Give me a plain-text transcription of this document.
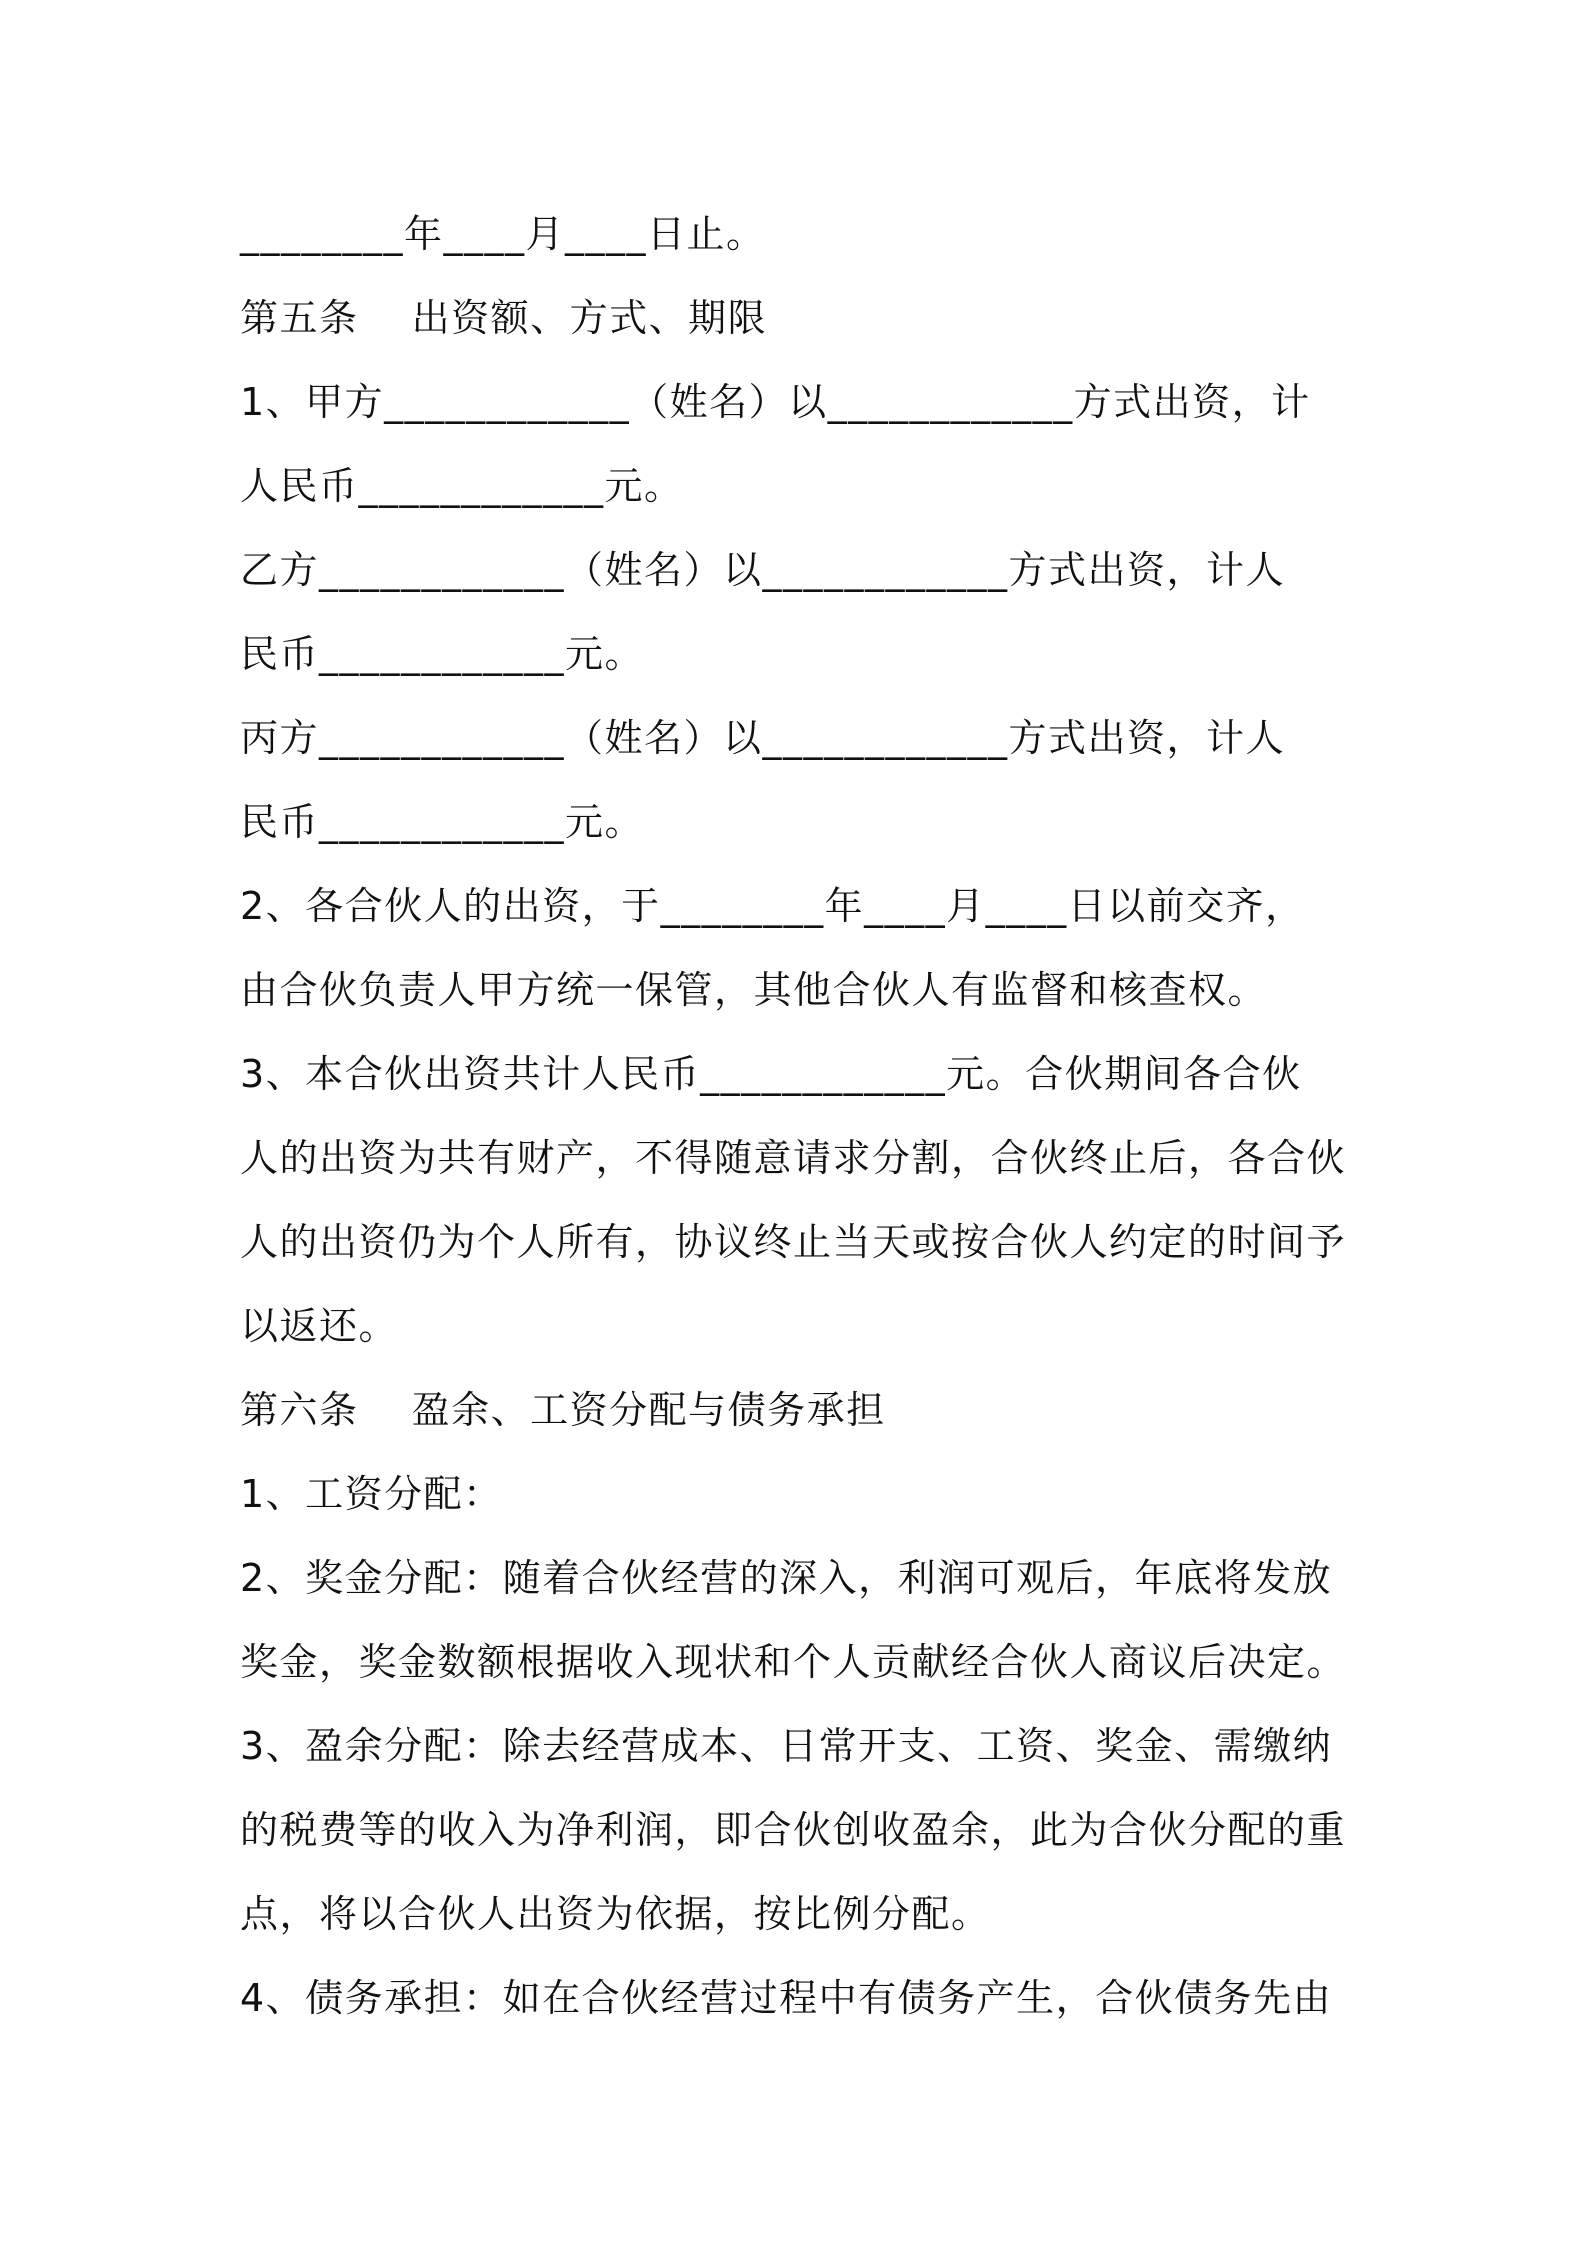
________年____月____日止。
第五条　 出资额、方式、期限
1、甲方____________（姓名）以____________方式出资，计
人民币____________元。
乙方____________（姓名）以____________方式出资，计人
民币____________元。
丙方____________（姓名）以____________方式出资，计人
民币____________元。
2、各合伙人的出资，于________年____月____日以前交齐，
由合伙负责人甲方统一保管，其他合伙人有监督和核查权。
3、本合伙出资共计人民币____________元。合伙期间各合伙
人的出资为共有财产，不得随意请求分割，合伙终止后，各合伙
人的出资仍为个人所有，协议终止当天或按合伙人约定的时间予
以返还。
第六条　 盈余、工资分配与债务承担
1、工资分配：
2、奖金分配：随着合伙经营的深入，利润可观后，年底将发放
奖金，奖金数额根据收入现状和个人贡献经合伙人商议后决定。
3、盈余分配：除去经营成本、日常开支、工资、奖金、需缴纳
的税费等的收入为净利润，即合伙创收盈余，此为合伙分配的重
点，将以合伙人出资为依据，按比例分配。
4、债务承担：如在合伙经营过程中有债务产生，合伙债务先由
